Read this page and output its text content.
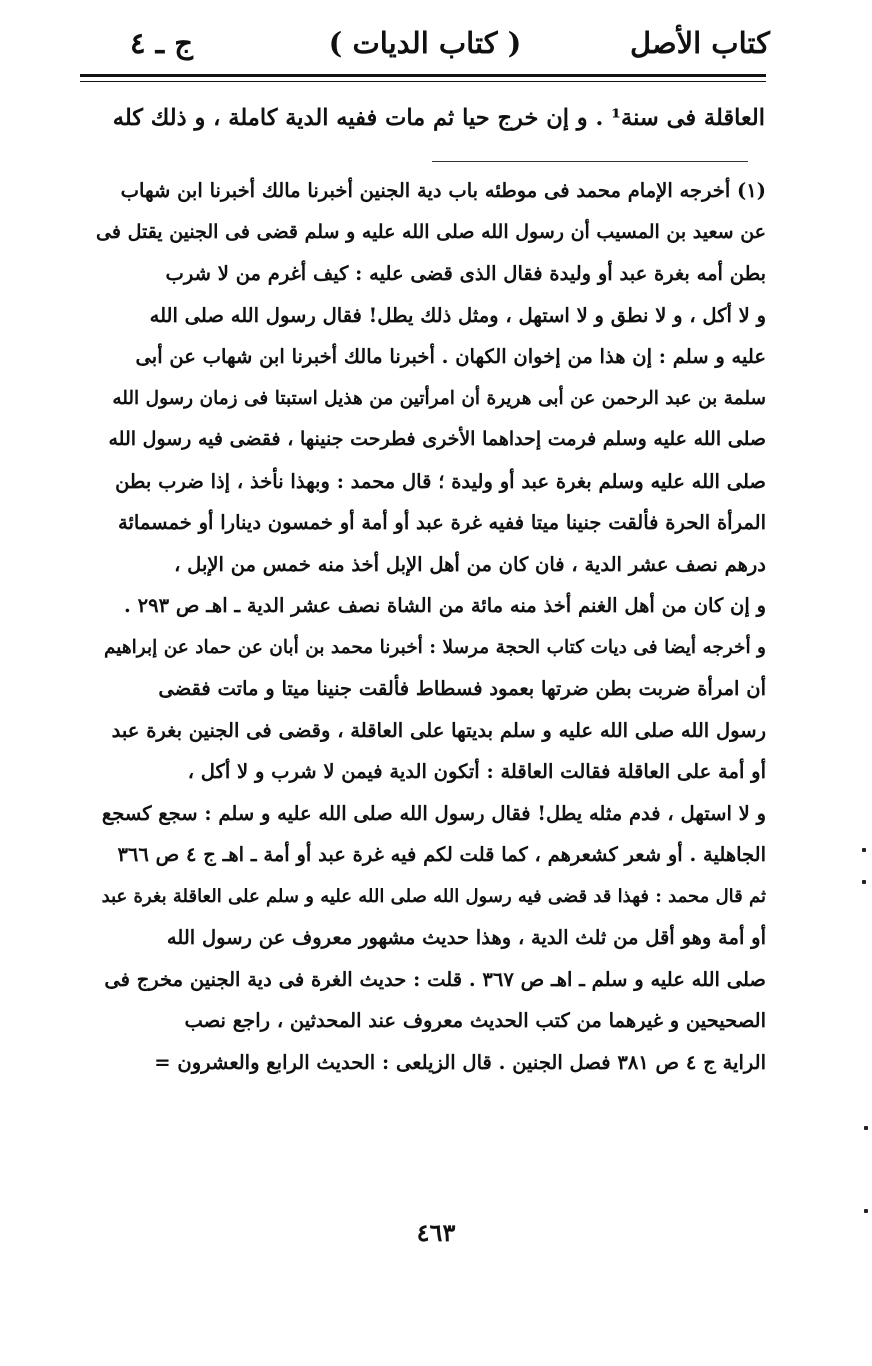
كتاب الأصل
( كتاب الديات )
ج ـ ٤
العاقلة فى سنة¹ . و إن خرج حيا ثم مات ففيه الدية كاملة ، و ذلك كله
(١) أخرجه الإمام محمد فى موطئه باب دية الجنين أخبرنا مالك أخبرنا ابن شهاب
عن سعيد بن المسيب أن رسول الله صلى الله عليه و سلم قضى فى الجنين يقتل فى
بطن أمه بغرة عبد أو وليدة فقال الذى قضى عليه : كيف أغرم من لا شرب
و لا أكل ، و لا نطق و لا استهل ، ومثل ذلك يطل! فقال رسول الله صلى الله
عليه و سلم : إن هذا من إخوان الكهان . أخبرنا مالك أخبرنا ابن شهاب عن أبى
سلمة بن عبد الرحمن عن أبى هريرة أن امرأتين من هذيل استبتا فى زمان رسول الله
صلى الله عليه وسلم فرمت إحداهما الأخرى فطرحت جنينها ، فقضى فيه رسول الله
صلى الله عليه وسلم بغرة عبد أو وليدة ؛ قال محمد : وبهذا نأخذ ، إذا ضرب بطن
المرأة الحرة فألقت جنينا ميتا ففيه غرة عبد أو أمة أو خمسون دينارا أو خمسمائة
درهم نصف عشر الدية ، فان كان من أهل الإبل أخذ منه خمس من الإبل ،
و إن كان من أهل الغنم أخذ منه مائة من الشاة نصف عشر الدية ـ اهـ ص ٢٩٣ .
و أخرجه أيضا فى ديات كتاب الحجة مرسلا : أخبرنا محمد بن أبان عن حماد عن إبراهيم
أن امرأة ضربت بطن ضرتها بعمود فسطاط فألقت جنينا ميتا و ماتت فقضى
رسول الله صلى الله عليه و سلم بديتها على العاقلة ، وقضى فى الجنين بغرة عبد
أو أمة على العاقلة فقالت العاقلة : أتكون الدية فيمن لا شرب و لا أكل ،
و لا استهل ، فدم مثله يطل! فقال رسول الله صلى الله عليه و سلم : سجع كسجع
الجاهلية . أو شعر كشعرهم ، كما قلت لكم فيه غرة عبد أو أمة ـ اهـ ج ٤ ص ٣٦٦
ثم قال محمد : فهذا قد قضى فيه رسول الله صلى الله عليه و سلم على العاقلة بغرة عبد
أو أمة وهو أقل من ثلث الدية ، وهذا حديث مشهور معروف عن رسول الله
صلى الله عليه و سلم ـ اهـ ص ٣٦٧ . قلت : حديث الغرة فى دية الجنين مخرج فى
الصحيحين و غيرهما من كتب الحديث معروف عند المحدثين ، راجع نصب
الراية ج ٤ ص ٣٨١ فصل الجنين . قال الزيلعى : الحديث الرابع والعشرون =
٤٦٣
